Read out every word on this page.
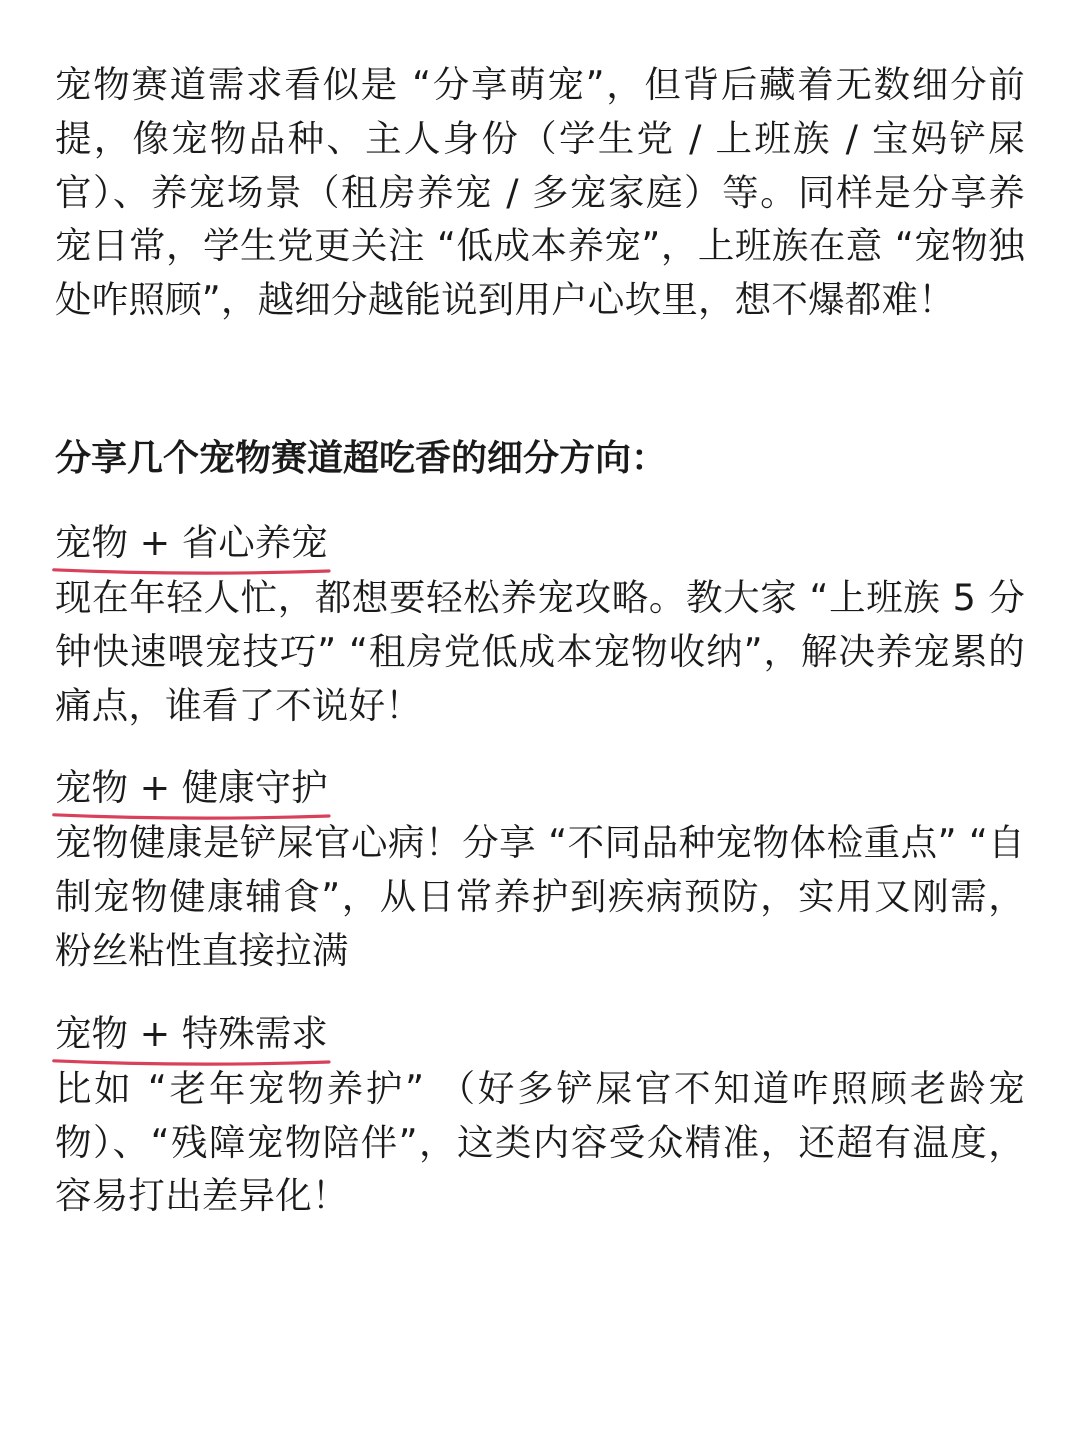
宠物赛道需求看似是 “分享萌宠”，但背后藏着无数细分前提，像宠物品种、主人身份（学生党 / 上班族 / 宝妈铲屎官）、养宠场景（租房养宠 / 多宠家庭）等。同样是分享养宠日常，学生党更关注 “低成本养宠”，上班族在意 “宠物独处咋照顾”，越细分越能说到用户心坎里，想不爆都难！

分享几个宠物赛道超吃香的细分方向：

宠物 + 省心养宠

现在年轻人忙，都想要轻松养宠攻略。教大家 “上班族 5 分钟快速喂宠技巧” “租房党低成本宠物收纳”，解决养宠累的痛点，谁看了不说好！

宠物 + 健康守护

宠物健康是铲屎官心病！分享 “不同品种宠物体检重点” “自制宠物健康辅食”，从日常养护到疾病预防，实用又刚需，粉丝粘性直接拉满

宠物 + 特殊需求

比如 “老年宠物养护” （好多铲屎官不知道咋照顾老龄宠物）、“残障宠物陪伴”，这类内容受众精准，还超有温度，容易打出差异化！
